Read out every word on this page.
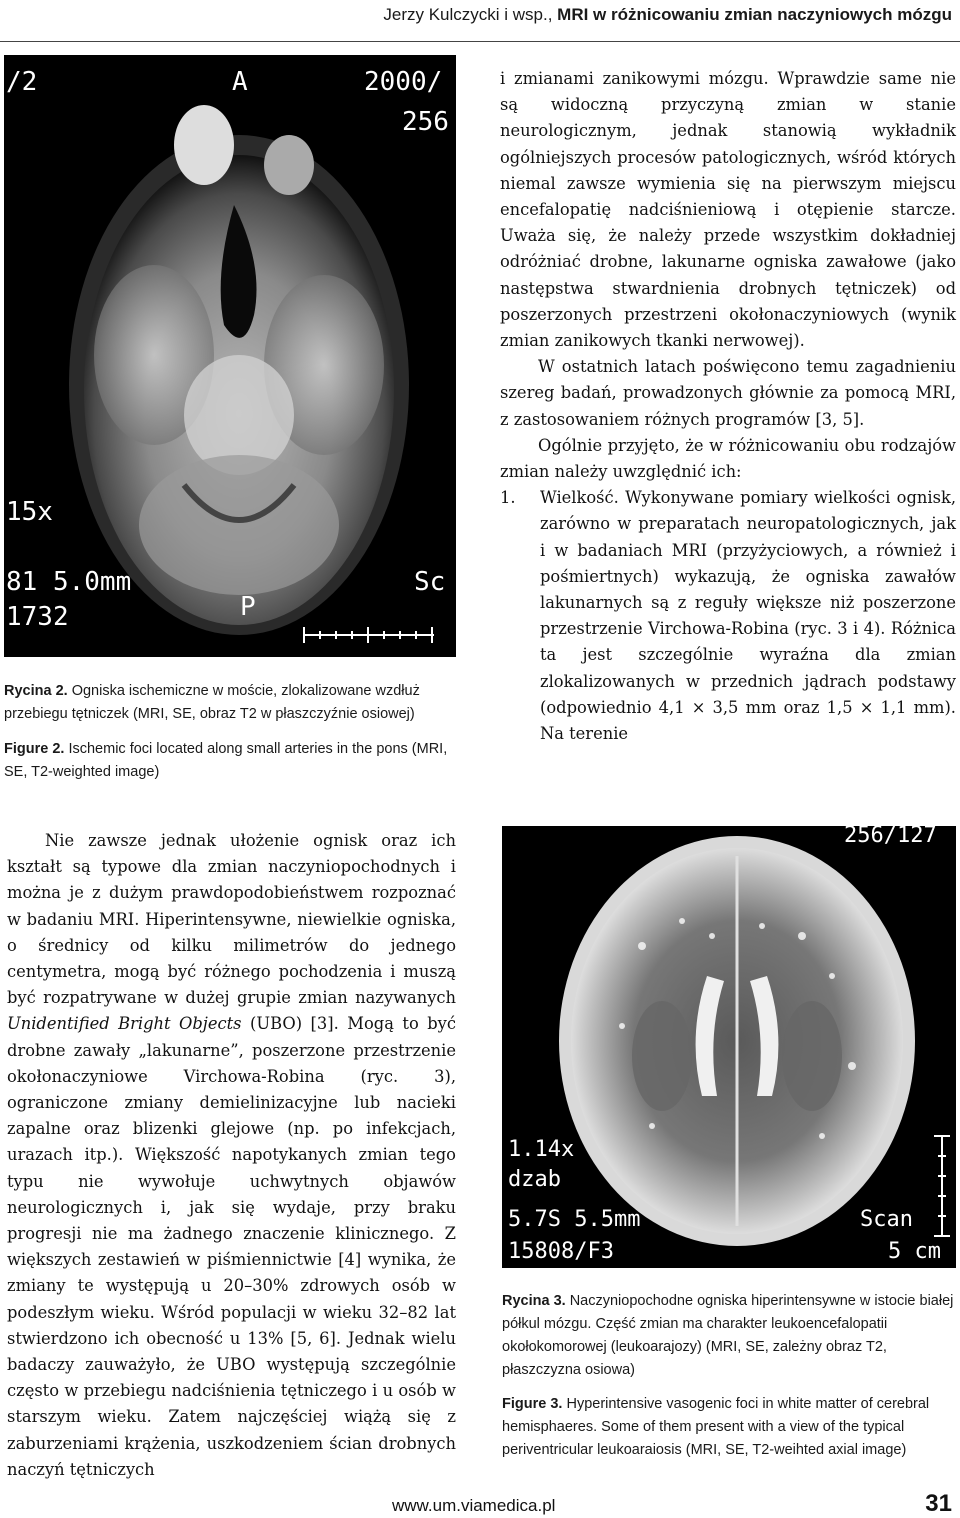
Jerzy Kulczycki i wsp., MRI w różnicowaniu zmian naczyniowych mózgu
/2	A	2000/
256
15x
81 5.0mm
1732	P
Sc
Rycina 2. Ogniska ischemiczne w moście, zlokalizowane wzdłuż przebiegu tętniczek (MRI, SE, obraz T2 w płaszczyźnie osiowej)
Figure 2. Ischemic foci located along small arteries in the pons (MRI, SE, T2-weighted image)

i zmianami zanikowymi mózgu. Wprawdzie same nie są widoczną przyczyną zmian w stanie neurologicznym, jednak stanowią wykładnik ogólniejszych procesów patologicznych, wśród których niemal zawsze wymienia się na pierwszym miejscu encefalopatię nadciśnieniową i otępienie starcze. Uważa się, że należy przede wszystkim dokładniej odróżniać drobne, lakunarne ogniska zawałowe (jako następstwa stwardnienia drobnych tętniczek) od poszerzonych przestrzeni okołonaczyniowych (wynik zmian zanikowych tkanki nerwowej).

W ostatnich latach poświęcono temu zagadnieniu szereg badań, prowadzonych głównie za pomocą MRI, z zastosowaniem różnych programów [3, 5].

Ogólnie przyjęto, że w różnicowaniu obu rodzajów zmian należy uwzględnić ich:

1.	Wielkość. Wykonywane pomiary wielkości ognisk, zarówno w preparatach neuropatologicznych, jak i w badaniach MRI (przyżyciowych, a również i pośmiertnych) wykazują, że ogniska zawałów lakunarnych są z reguły większe niż poszerzone przestrzenie Virchowa-Robina (ryc. 3 i 4). Różnica ta jest szczególnie wyraźna dla zmian zlokalizowanych w przednich jądrach podstawy (odpowiednio 4,1 × 3,5 mm oraz 1,5 × 1,1 mm). Na terenie

Nie zawsze jednak ułożenie ognisk oraz ich kształt są typowe dla zmian naczyniopochodnych i można je z dużym prawdopodobieństwem rozpoznać w badaniu MRI. Hiperintensywne, niewielkie ogniska, o średnicy od kilku milimetrów do jednego centymetra, mogą być różnego pochodzenia i muszą być rozpatrywane w dużej grupie zmian nazywanych Unidentified Bright Objects (UBO) [3]. Mogą to być drobne zawały „lakunarne”, poszerzone przestrzenie okołonaczyniowe Virchowa-Robina (ryc. 3), ograniczone zmiany demielinizacyjne lub nacieki zapalne oraz blizenki glejowe (np. po infekcjach, urazach itp.). Większość napotykanych zmian tego typu nie wywołuje uchwytnych objawów neurologicznych i, jak się wydaje, przy braku progresji nie ma żadnego znaczenie klinicznego. Z większych zestawień w piśmiennictwie [4] wynika, że zmiany te występują u 20–30% zdrowych osób w podeszłym wieku. Wśród populacji w wieku 32–82 lat stwierdzono ich obecność u 13% [5, 6]. Jednak wielu badaczy zauważyło, że UBO występują szczególnie często w przebiegu nadciśnienia tętniczego i u osób w starszym wieku. Zatem najczęściej wiążą się z zaburzeniami krążenia, uszkodzeniem ścian drobnych naczyń tętniczych

256/127
1.14x
dzab
5.7S 5.5mm
15808/F3
Scan
5 cm
Rycina 3. Naczyniopochodne ogniska hiperintensywne w istocie białej półkul mózgu. Część zmian ma charakter leukoencefalopatii okołokomorowej (leukoarajozy) (MRI, SE, zależny obraz T2, płaszczyzna osiowa)
Figure 3. Hyperintensive vasogenic foci in white matter of cerebral hemisphaeres. Some of them present with a view of the typical periventricular leukoaraiosis (MRI, SE, T2-weihted axial image)
www.um.viamedica.pl	31
